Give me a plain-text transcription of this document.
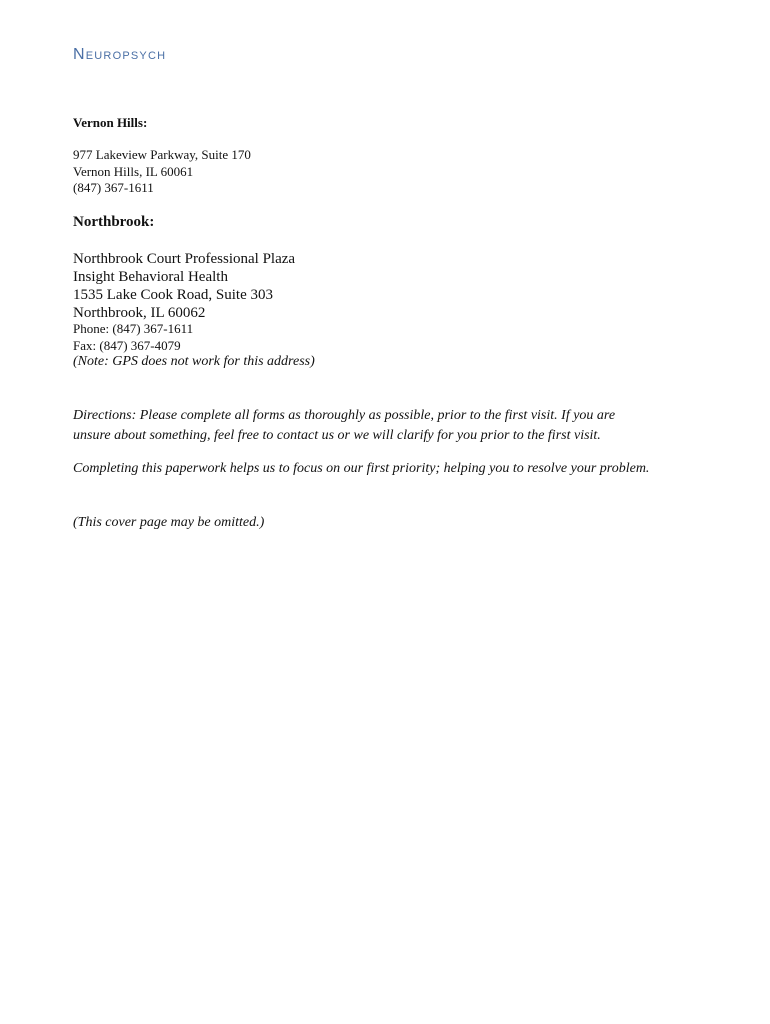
Neuropsych
Vernon Hills:
977 Lakeview Parkway, Suite 170
Vernon Hills, IL 60061
(847) 367-1611
Northbrook:
Northbrook Court Professional Plaza
Insight Behavioral Health
1535 Lake Cook Road, Suite 303
Northbrook, IL 60062
Phone: (847) 367-1611
Fax: (847) 367-4079
(Note: GPS does not work for this address)
Directions: Please complete all forms as thoroughly as possible, prior to the first visit. If you are
unsure about something, feel free to contact us or we will clarify for you prior to the first visit.
Completing this paperwork helps us to focus on our first priority; helping you to resolve your problem.
(This cover page may be omitted.)
